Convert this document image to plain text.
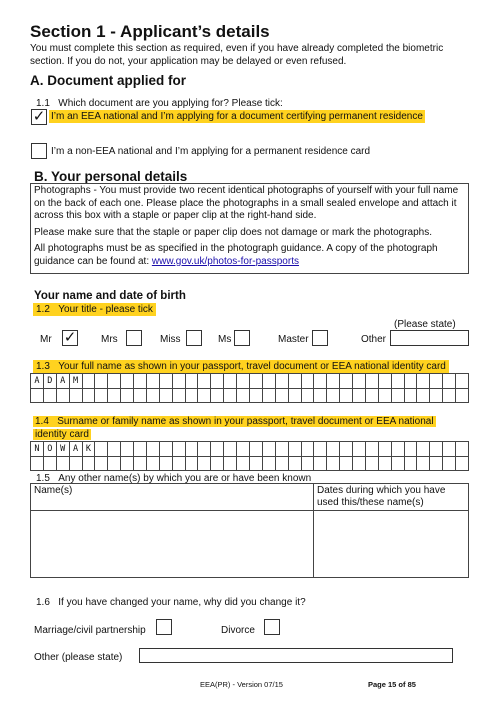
Section 1 - Applicant’s details
You must complete this section as required, even if you have already completed the biometric section. If you do not, your application may be delayed or even refused.
A. Document applied for
1.1 Which document are you applying for? Please tick:
✓ I’m an EEA national and I’m applying for a document certifying permanent residence
I’m a non-EEA national and I’m applying for a permanent residence card
B. Your personal details
Photographs - You must provide two recent identical photographs of yourself with your full name on the back of each one. Please place the photographs in a small sealed envelope and attach it across this box with a staple or paper clip at the right-hand side.
Please make sure that the staple or paper clip does not damage or mark the photographs.
All photographs must be as specified in the photograph guidance. A copy of the photograph guidance can be found at: www.gov.uk/photos-for-passports
Your name and date of birth
1.2 Your title - please tick
(Please state)
Mr ✓ Mrs	Miss	Ms	Master	Other
1.3 Your full name as shown in your passport, travel document or EEA national identity card
A D A M
1.4 Surname or family name as shown in your passport, travel document or EEA national identity card
N O W A K
1.5 Any other name(s) by which you are or have been known
Name(s)	Dates during which you have used this/these name(s)

1.6 If you have changed your name, why did you change it?
Marriage/civil partnership	Divorce
Other (please state)
EEA(PR) - Version 07/15	Page 15 of 85
